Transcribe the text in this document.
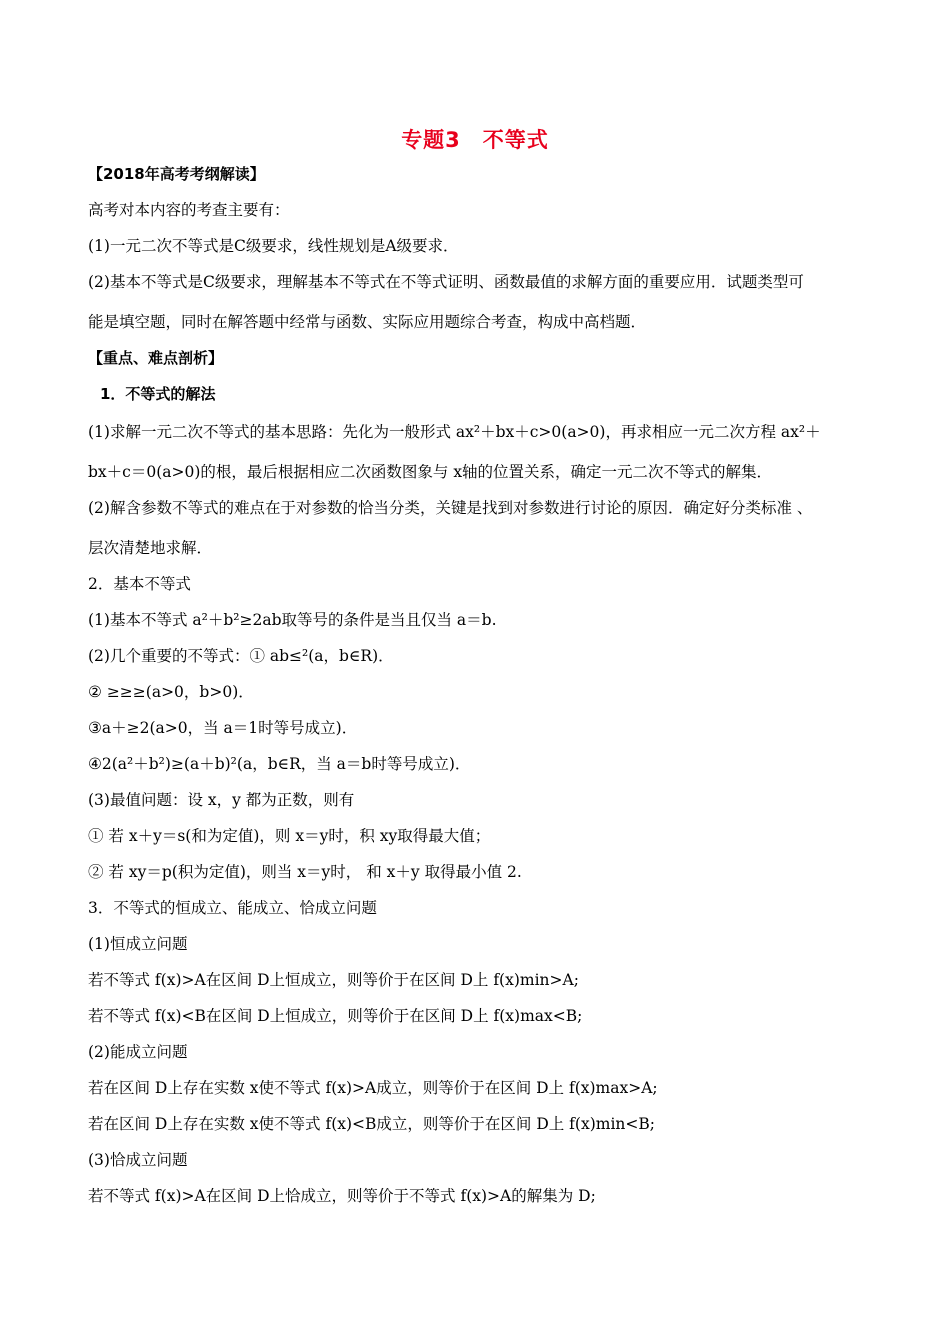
专题3　不等式
【2018年高考考纲解读】
高考对本内容的考查主要有：
(1)一元二次不等式是C级要求，线性规划是A级要求．
(2)基本不等式是C级要求，理解基本不等式在不等式证明、函数最值的求解方面的重要应用．试题类型可
能是填空题，同时在解答题中经常与函数、实际应用题综合考查，构成中高档题．
【重点、难点剖析】
1．不等式的解法
(1)求解一元二次不等式的基本思路：先化为一般形式 ax²＋bx＋c>0(a>0)，再求相应一元二次方程 ax²＋
bx＋c＝0(a>0)的根，最后根据相应二次函数图象与 x轴的位置关系，确定一元二次不等式的解集．
(2)解含参数不等式的难点在于对参数的恰当分类，关键是找到对参数进行讨论的原因．确定好分类标准 、
层次清楚地求解．
2．基本不等式
(1)基本不等式 a²＋b²≥2ab取等号的条件是当且仅当 a＝b.
(2)几个重要的不等式：① ab≤²(a，b∈R)．
② ≥≥≥(a>0，b>0)．
③a＋≥2(a>0，当 a＝1时等号成立)．
④2(a²＋b²)≥(a＋b)²(a，b∈R，当 a＝b时等号成立)．
(3)最值问题：设 x，y 都为正数，则有
① 若 x＋y＝s(和为定值)，则 x＝y时，积 xy取得最大值；
② 若 xy＝p(积为定值)，则当 x＝y时， 和 x＋y 取得最小值 2.
3．不等式的恒成立、能成立、恰成立问题
(1)恒成立问题
若不等式 f(x)>A在区间 D上恒成立，则等价于在区间 D上 f(x)min>A;
若不等式 f(x)<B在区间 D上恒成立，则等价于在区间 D上 f(x)max<B;
(2)能成立问题
若在区间 D上存在实数 x使不等式 f(x)>A成立，则等价于在区间 D上 f(x)max>A;
若在区间 D上存在实数 x使不等式 f(x)<B成立，则等价于在区间 D上 f(x)min<B;
(3)恰成立问题
若不等式 f(x)>A在区间 D上恰成立，则等价于不等式 f(x)>A的解集为 D;
